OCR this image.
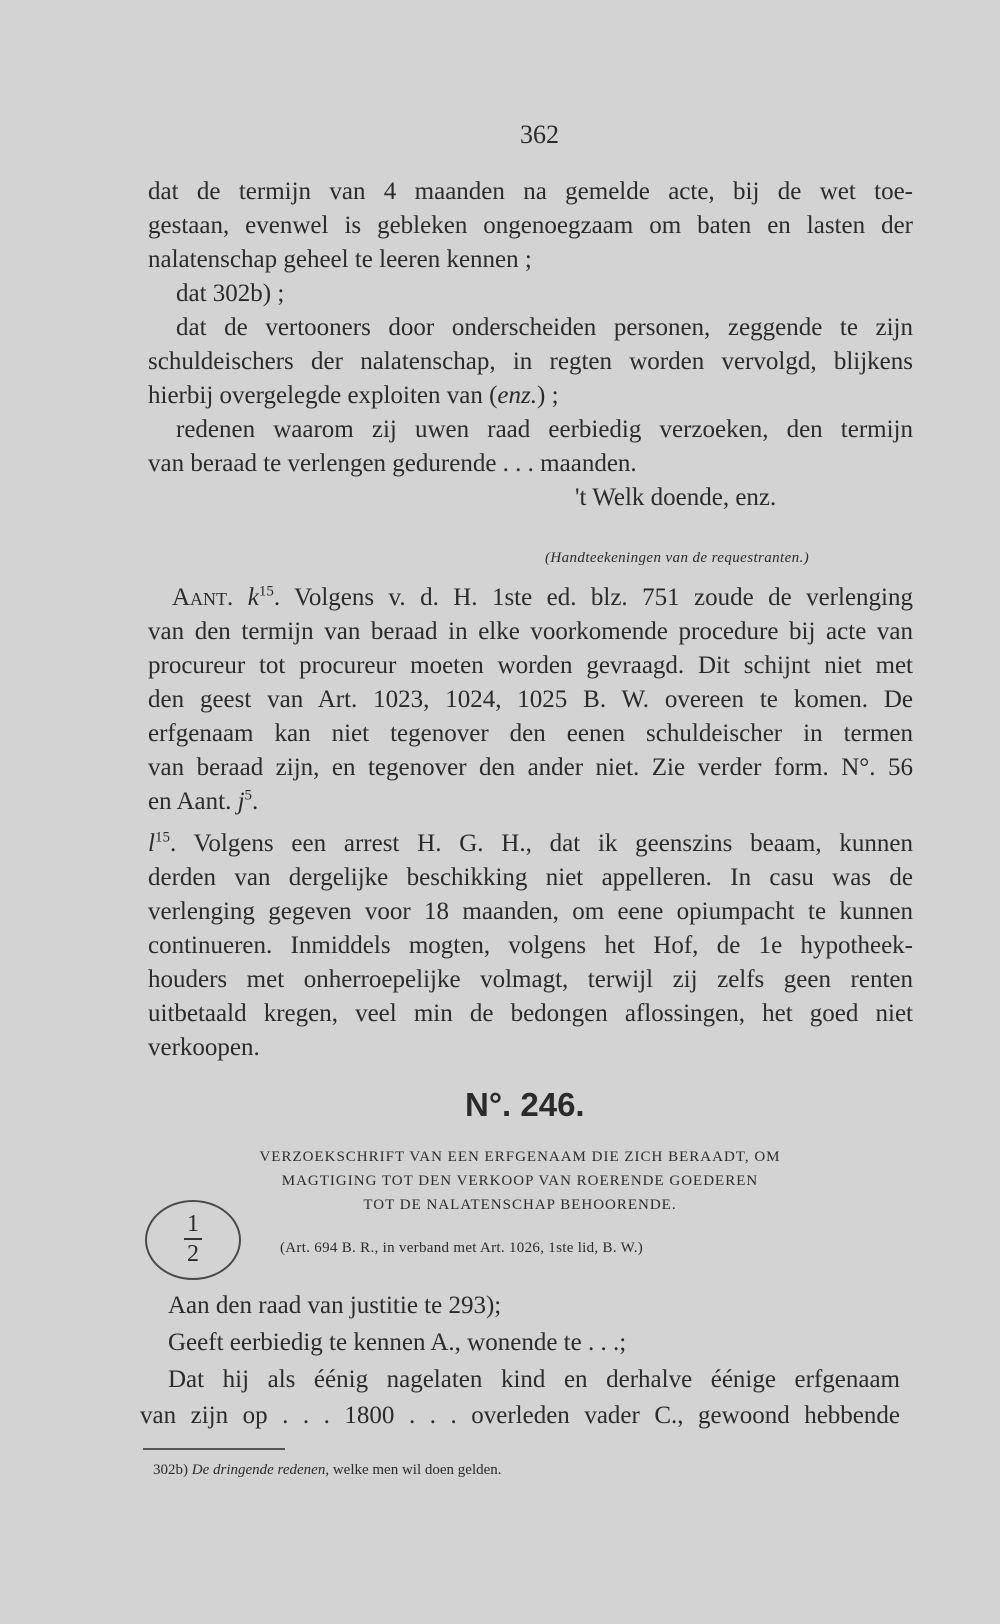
362
dat de termijn van 4 maanden na gemelde acte, bij de wet toe-
gestaan, evenwel is gebleken ongenoegzaam om baten en lasten der
nalatenschap geheel te leeren kennen ;
dat 302b) ;
dat de vertooners door onderscheiden personen, zeggende te zijn
schuldeischers der nalatenschap, in regten worden vervolgd, blijkens
hierbij overgelegde exploiten van (enz.) ;
redenen waarom zij uwen raad eerbiedig verzoeken, den termijn
van beraad te verlengen gedurende . . . maanden.
't Welk doende, enz.
(Handteekeningen van de requestranten.)
Aant. $k^{15}$. Volgens v. d. H. 1ste ed. blz. 751 zoude de verlenging
van den termijn van beraad in elke voorkomende procedure bij acte van
procureur tot procureur moeten worden gevraagd. Dit schijnt niet met
den geest van Art. 1023, 1024, 1025 B. W. overeen te komen. De
erfgenaam kan niet tegenover den eenen schuldeischer in termen
van beraad zijn, en tegenover den ander niet. Zie verder form. N°. 56
en Aant. $j^5$.
$l^{15}$. Volgens een arrest H. G. H., dat ik geenszins beaam, kunnen
derden van dergelijke beschikking niet appelleren. In casu was de
verlenging gegeven voor 18 maanden, om eene opiumpacht te kunnen
continueren. Inmiddels mogten, volgens het Hof, de 1e hypotheek-
houders met onherroepelijke volmagt, terwijl zij zelfs geen renten
uitbetaald kregen, veel min de bedongen aflossingen, het goed niet
verkoopen.
N°. 246.
VERZOEKSCHRIFT VAN EEN ERFGENAAM DIE ZICH BERAADT, OM
MAGTIGING TOT DEN VERKOOP VAN ROERENDE GOEDEREN
TOT DE NALATENSCHAP BEHOORENDE.
1
2	(Art. 694 B. R., in verband met Art. 1026, 1ste lid, B. W.)
Aan den raad van justitie te 293);
Geeft eerbiedig te kennen A., wonende te . . .;
Dat hij als éénig nagelaten kind en derhalve éénige erfgenaam
van zijn op . . . 1800 . . . overleden vader C., gewoond hebbende
302b) De dringende redenen, welke men wil doen gelden.
